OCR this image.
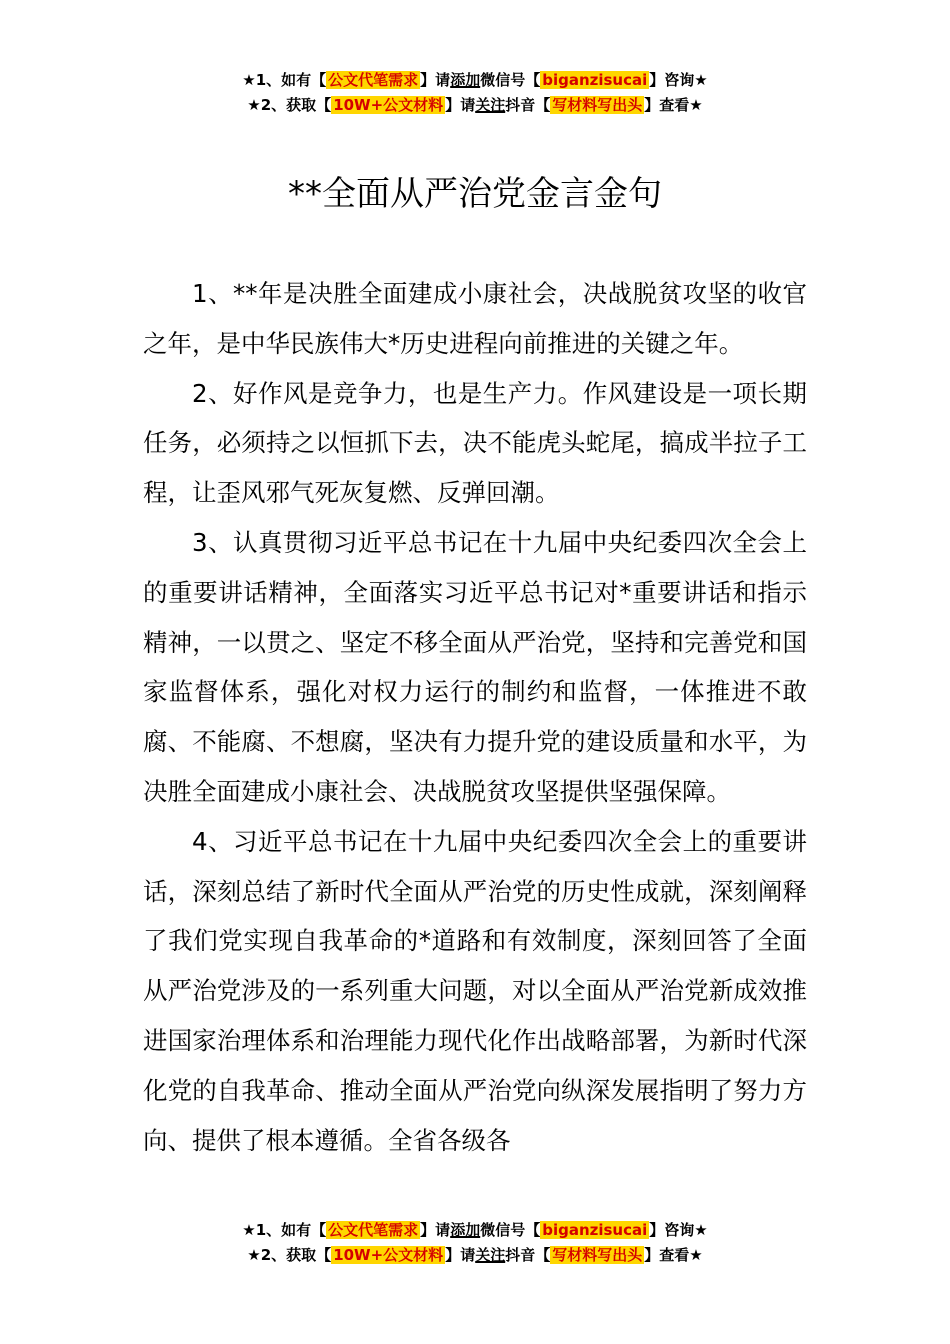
★1、如有【 公文代笔需求 】请添加微信号【 biganzisucai 】咨询★
★2、获取【 10W+公文材料 】请关注抖音【 写材料写出头 】查看★
**全面从严治党金言金句

1、**年是决胜全面建成小康社会，决战脱贫攻坚的收官之年，是中华民族伟大*历史进程向前推进的关键之年。

2、好作风是竞争力，也是生产力。作风建设是一项长期任务，必须持之以恒抓下去，决不能虎头蛇尾，搞成半拉子工程，让歪风邪气死灰复燃、反弹回潮。

3、认真贯彻习近平总书记在十九届中央纪委四次全会上的重要讲话精神，全面落实习近平总书记对*重要讲话和指示精神，一以贯之、坚定不移全面从严治党，坚持和完善党和国家监督体系，强化对权力运行的制约和监督，一体推进不敢腐、不能腐、不想腐，坚决有力提升党的建设质量和水平，为决胜全面建成小康社会、决战脱贫攻坚提供坚强保障。

4、习近平总书记在十九届中央纪委四次全会上的重要讲话，深刻总结了新时代全面从严治党的历史性成就，深刻阐释了我们党实现自我革命的*道路和有效制度，深刻回答了全面从严治党涉及的一系列重大问题，对以全面从严治党新成效推进国家治理体系和治理能力现代化作出战略部署，为新时代深化党的自我革命、推动全面从严治党向纵深发展指明了努力方向、提供了根本遵循。全省各级各

★1、如有【 公文代笔需求 】请添加微信号【 biganzisucai 】咨询★
★2、获取【 10W+公文材料 】请关注抖音【 写材料写出头 】查看★
